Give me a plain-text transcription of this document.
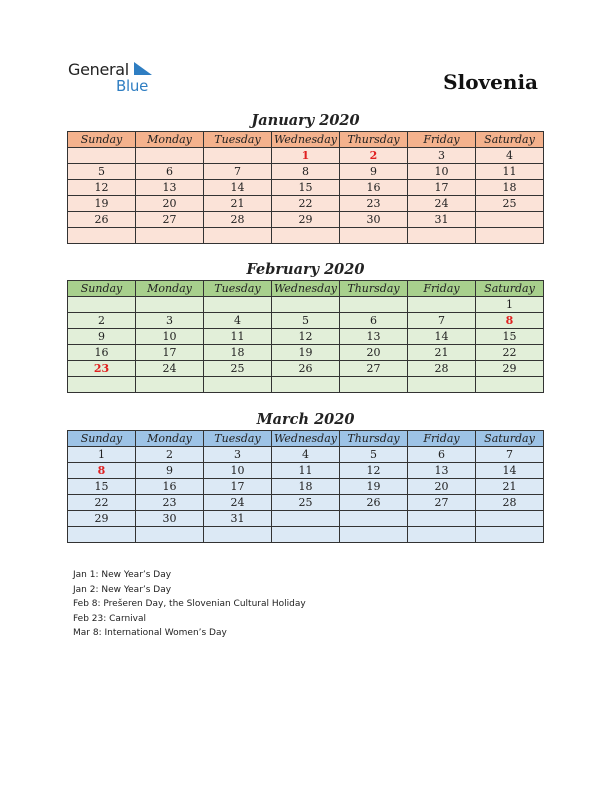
General
Blue	Slovenia
January 2020
Sunday	Monday	Tuesday	Wednesday	Thursday	Friday	Saturday
			1	2	3	4
5	6	7	8	9	10	11
12	13	14	15	16	17	18
19	20	21	22	23	24	25
26	27	28	29	30	31	

February 2020
Sunday	Monday	Tuesday	Wednesday	Thursday	Friday	Saturday
						1
2	3	4	5	6	7	8
9	10	11	12	13	14	15
16	17	18	19	20	21	22
23	24	25	26	27	28	29

March 2020
Sunday	Monday	Tuesday	Wednesday	Thursday	Friday	Saturday
1	2	3	4	5	6	7
8	9	10	11	12	13	14
15	16	17	18	19	20	21
22	23	24	25	26	27	28
29	30	31				

Jan 1: New Year’s Day
Jan 2: New Year’s Day
Feb 8: Prešeren Day, the Slovenian Cultural Holiday
Feb 23: Carnival
Mar 8: International Women’s Day
